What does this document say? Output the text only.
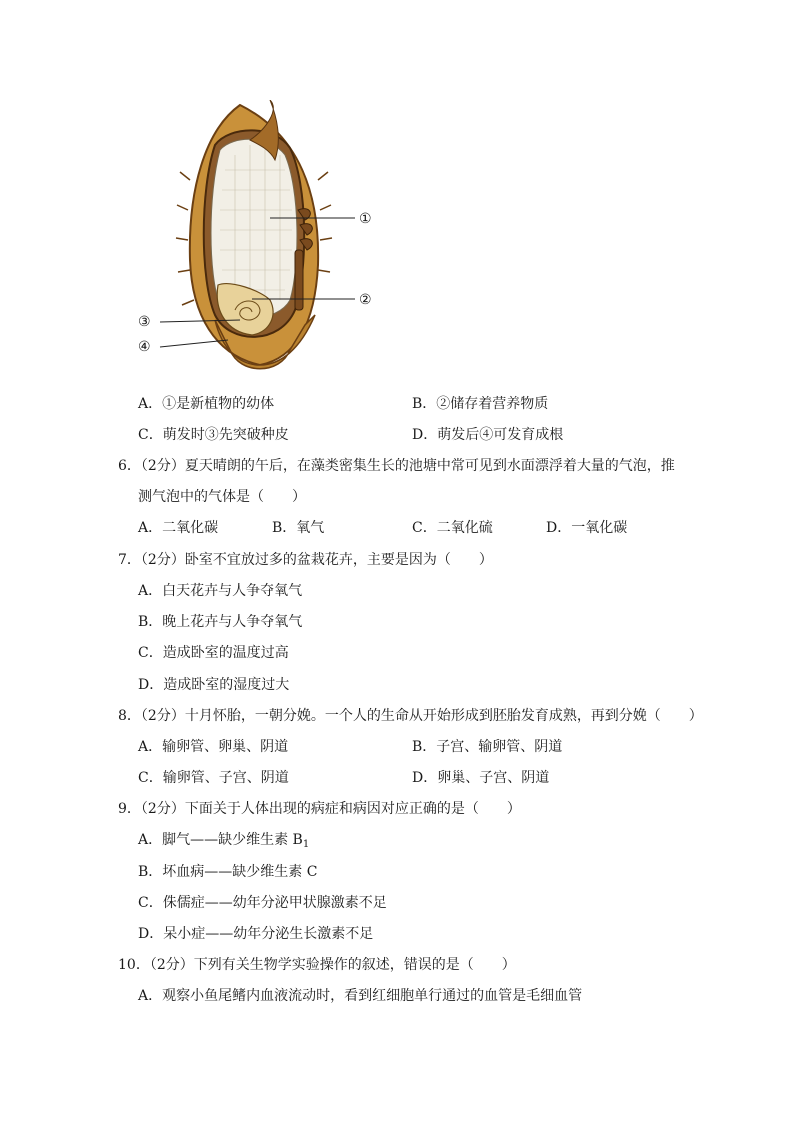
①
②
③
④
A．①是新植物的幼体	B．②储存着营养物质
C．萌发时③先突破种皮	D．萌发后④可发育成根
6．（2分）夏天晴朗的午后，在藻类密集生长的池塘中常可见到水面漂浮着大量的气泡，推
测气泡中的气体是（　　）
A．二氧化碳	B．氧气	C．二氧化硫	D．一氧化碳
7．（2分）卧室不宜放过多的盆栽花卉，主要是因为（　　）
A．白天花卉与人争夺氧气
B．晚上花卉与人争夺氧气
C．造成卧室的温度过高
D．造成卧室的湿度过大
8．（2分）十月怀胎，一朝分娩。一个人的生命从开始形成到胚胎发育成熟，再到分娩（　　）
A．输卵管、卵巢、阴道	B．子宫、输卵管、阴道
C．输卵管、子宫、阴道	D．卵巢、子宫、阴道
9．（2分）下面关于人体出现的病症和病因对应正确的是（　　）
A．脚气——缺少维生素 $B_1$
B．坏血病——缺少维生素 C
C．侏儒症——幼年分泌甲状腺激素不足
D．呆小症——幼年分泌生长激素不足
10．（2分）下列有关生物学实验操作的叙述，错误的是（　　）
A．观察小鱼尾鳍内血液流动时，看到红细胞单行通过的血管是毛细血管
